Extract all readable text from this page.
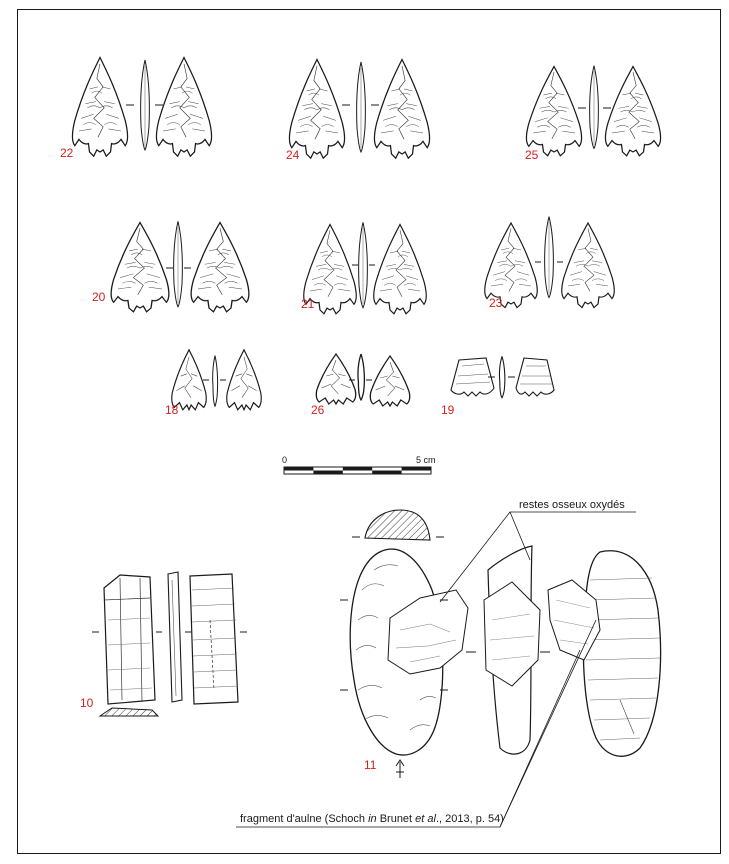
22	24	25
20	21	23
18	26	19
10
11
0	5 cm
restes osseux oxydés
fragment d'aulne (Schoch in Brunet et al., 2013, p. 54)
